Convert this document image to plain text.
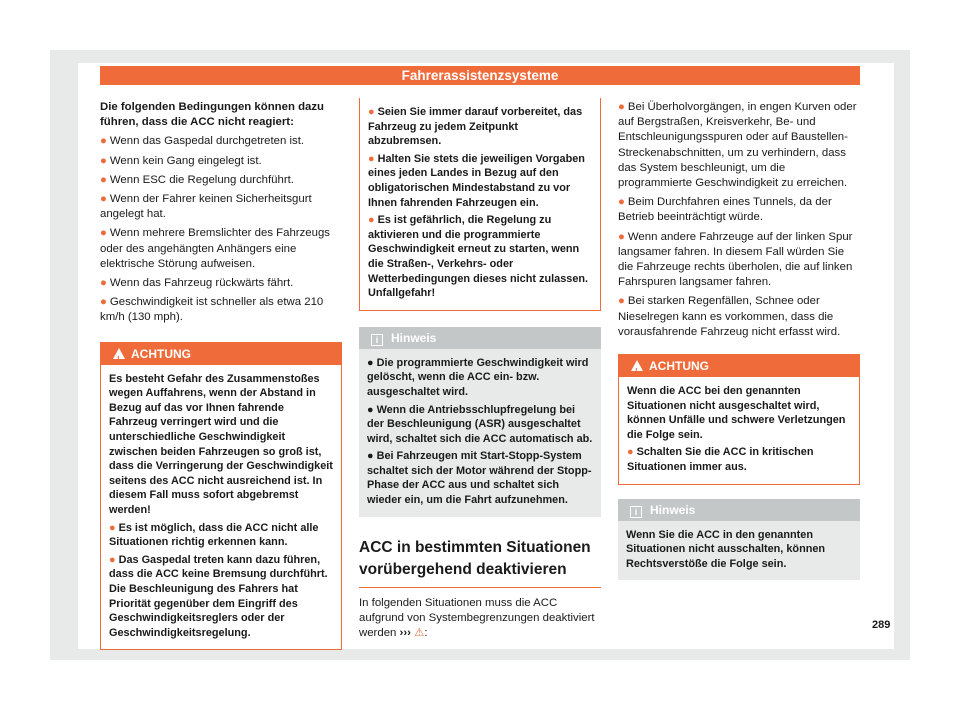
Fahrerassistenzsysteme
Die folgenden Bedingungen können dazu führen, dass die ACC nicht reagiert:
● Wenn das Gaspedal durchgetreten ist.
● Wenn kein Gang eingelegt ist.
● Wenn ESC die Regelung durchführt.
● Wenn der Fahrer keinen Sicherheitsgurt angelegt hat.
● Wenn mehrere Bremslichter des Fahrzeugs oder des angehängten Anhängers eine elektrische Störung aufweisen.
● Wenn das Fahrzeug rückwärts fährt.
● Geschwindigkeit ist schneller als etwa 210 km/h (130 mph).
!ACHTUNG
Es besteht Gefahr des Zusammenstoßes wegen Auffahrens, wenn der Abstand in Bezug auf das vor Ihnen fahrende Fahrzeug verringert wird und die unterschiedliche Geschwindigkeit zwischen beiden Fahrzeugen so groß ist, dass die Verringerung der Geschwindigkeit seitens des ACC nicht ausreichend ist. In diesem Fall muss sofort abgebremst werden!
● Es ist möglich, dass die ACC nicht alle Situationen richtig erkennen kann.
● Das Gaspedal treten kann dazu führen, dass die ACC keine Bremsung durchführt. Die Beschleunigung des Fahrers hat Priorität gegenüber dem Eingriff des Geschwindigkeitsreglers oder der Geschwindigkeitsregelung.
● Seien Sie immer darauf vorbereitet, das Fahrzeug zu jedem Zeitpunkt abzubremsen.
● Halten Sie stets die jeweiligen Vorgaben eines jeden Landes in Bezug auf den obligatorischen Mindestabstand zu vor Ihnen fahrenden Fahrzeugen ein.
● Es ist gefährlich, die Regelung zu aktivieren und die programmierte Geschwindigkeit erneut zu starten, wenn die Straßen-, Verkehrs- oder Wetterbedingungen dieses nicht zulassen. Unfallgefahr!
i Hinweis
● Die programmierte Geschwindigkeit wird gelöscht, wenn die ACC ein- bzw. ausgeschaltet wird.
● Wenn die Antriebsschlupfregelung bei der Beschleunigung (ASR) ausgeschaltet wird, schaltet sich die ACC automatisch ab.
● Bei Fahrzeugen mit Start-Stopp-System schaltet sich der Motor während der Stopp-Phase der ACC aus und schaltet sich wieder ein, um die Fahrt aufzunehmen.
ACC in bestimmten Situationen vorübergehend deaktivieren
In folgenden Situationen muss die ACC aufgrund von Systembegrenzungen deaktiviert werden ››› ⚠:
● Bei Überholvorgängen, in engen Kurven oder auf Bergstraßen, Kreisverkehr, Be- und Entschleunigungsspuren oder auf Baustellen-Streckenabschnitten, um zu verhindern, dass das System beschleunigt, um die programmierte Geschwindigkeit zu erreichen.
● Beim Durchfahren eines Tunnels, da der Betrieb beeinträchtigt würde.
● Wenn andere Fahrzeuge auf der linken Spur langsamer fahren. In diesem Fall würden Sie die Fahrzeuge rechts überholen, die auf linken Fahrspuren langsamer fahren.
● Bei starken Regenfällen, Schnee oder Nieselregen kann es vorkommen, dass die vorausfahrende Fahrzeug nicht erfasst wird.
!ACHTUNG
Wenn die ACC bei den genannten Situationen nicht ausgeschaltet wird, können Unfälle und schwere Verletzungen die Folge sein.
● Schalten Sie die ACC in kritischen Situationen immer aus.
i Hinweis
Wenn Sie die ACC in den genannten Situationen nicht ausschalten, können Rechtsverstöße die Folge sein.
289
